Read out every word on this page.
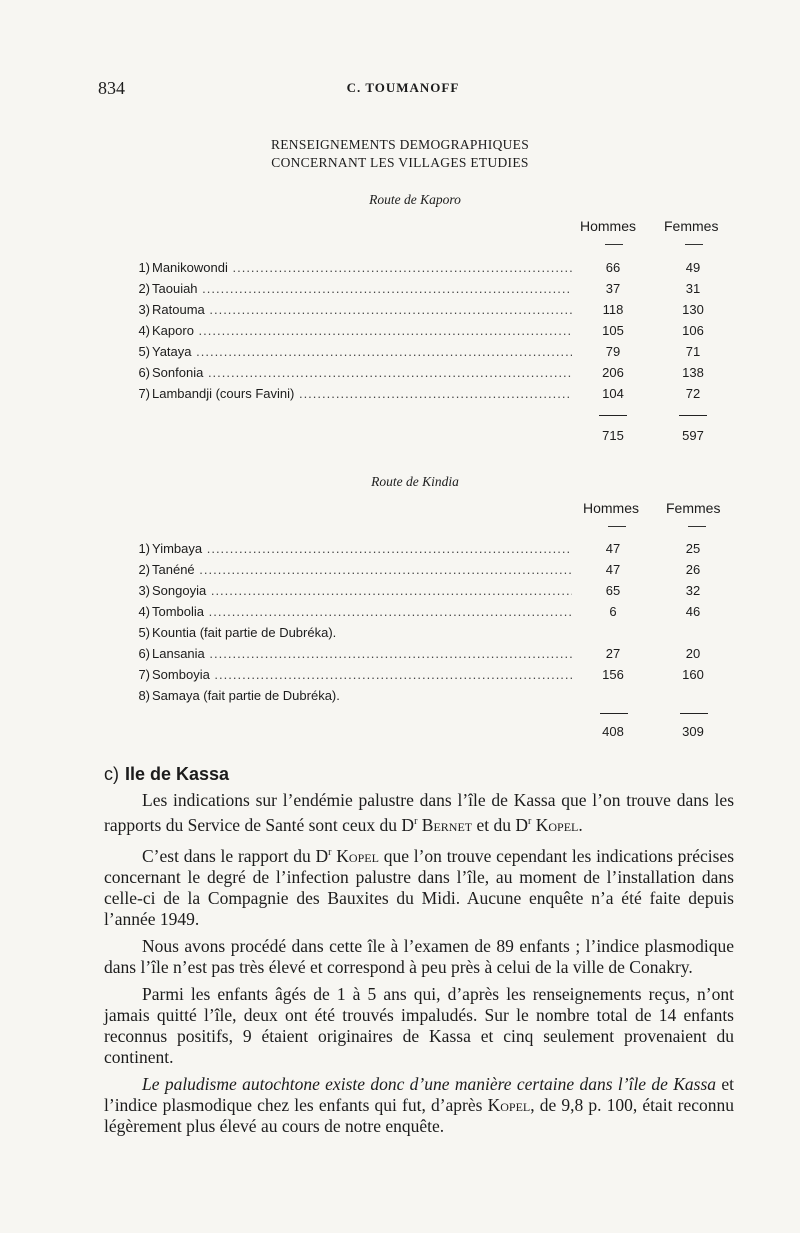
834	C. TOUMANOFF
RENSEIGNEMENTS DEMOGRAPHIQUES
CONCERNANT LES VILLAGES ETUDIES
Route de Kaporo
Hommes Femmes
1) Manikowondi .....	66	49
2) Taouiah .....	37	31
3) Ratouma .....	118	130
4) Kaporo .....	105	106
5) Yataya .....	79	71
6) Sonfonia .....	206	138
7) Lambandji (cours Favini) .....	104	72
715	597
Route de Kindia
Hommes Femmes
1) Yimbaya .....	47	25
2) Tanéné .....	47	26
3) Songoyia .....	65	32
4) Tombolia .....	6	46
5) Kountia (fait partie de Dubréka).
6) Lansania .....	27	20
7) Somboyia .....	156	160
8) Samaya (fait partie de Dubréka).
408	309
c) Ile de Kassa

Les indications sur l’endémie palustre dans l’île de Kassa que l’on trouve dans les rapports du Service de Santé sont ceux du $D^r$ Bernet et du $D^r$ Kopel.

C’est dans le rapport du $D^r$ Kopel que l’on trouve cependant les indications précises concernant le degré de l’infection palustre dans l’île, au moment de l’installation dans celle-ci de la Compagnie des Bauxites du Midi. Aucune enquête n’a été faite depuis l’année 1949.

Nous avons procédé dans cette île à l’examen de 89 enfants ; l’indice plasmodique dans l’île n’est pas très élevé et correspond à peu près à celui de la ville de Conakry.

Parmi les enfants âgés de 1 à 5 ans qui, d’après les renseignements reçus, n’ont jamais quitté l’île, deux ont été trouvés impaludés. Sur le nombre total de 14 enfants reconnus positifs, 9 étaient originaires de Kassa et cinq seulement provenaient du continent.

Le paludisme autochtone existe donc d’une manière certaine dans l’île de Kassa et l’indice plasmodique chez les enfants qui fut, d’après Kopel, de 9,8 p. 100, était reconnu légèrement plus élevé au cours de notre enquête.
